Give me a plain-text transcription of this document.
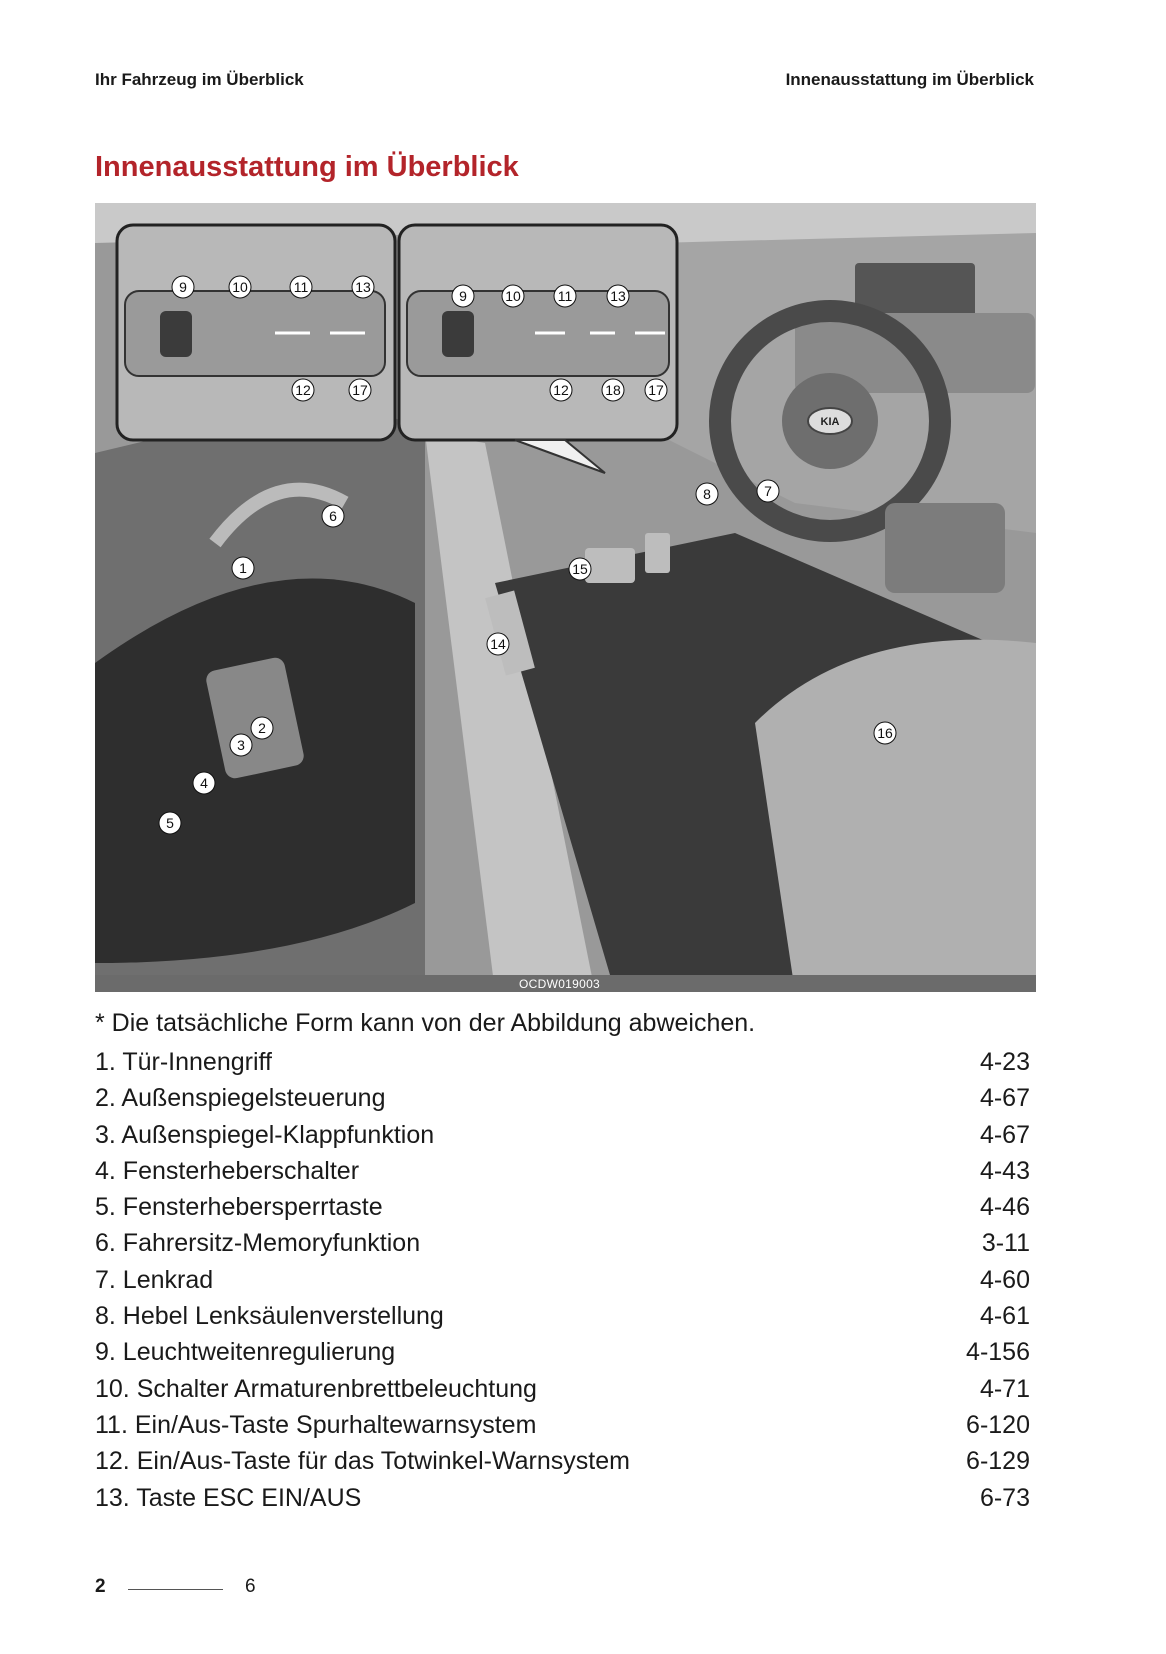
Ihr Fahrzeug im Überblick	Innenausstattung im Überblick
Innenausstattung im Überblick
KIA
9	10	11	13
12	17
9	10	11	13
12	18 17
1
2
3
4
5
6
7
8
14
15
16
OCDW019003
* Die tatsächliche Form kann von der Abbildung abweichen.
1. Tür-Innengriff	4-23
2. Außenspiegelsteuerung	4-67
3. Außenspiegel-Klappfunktion	4-67
4. Fensterheberschalter	4-43
5. Fensterhebersperrtaste	4-46
6. Fahrersitz-Memoryfunktion	3-11
7. Lenkrad	4-60
8. Hebel Lenksäulenverstellung	4-61
9. Leuchtweitenregulierung	4-156
10. Schalter Armaturenbrettbeleuchtung	4-71
11. Ein/Aus-Taste Spurhaltewarnsystem	6-120
12. Ein/Aus-Taste für das Totwinkel-Warnsystem	6-129
13. Taste ESC EIN/AUS	6-73
2	6
